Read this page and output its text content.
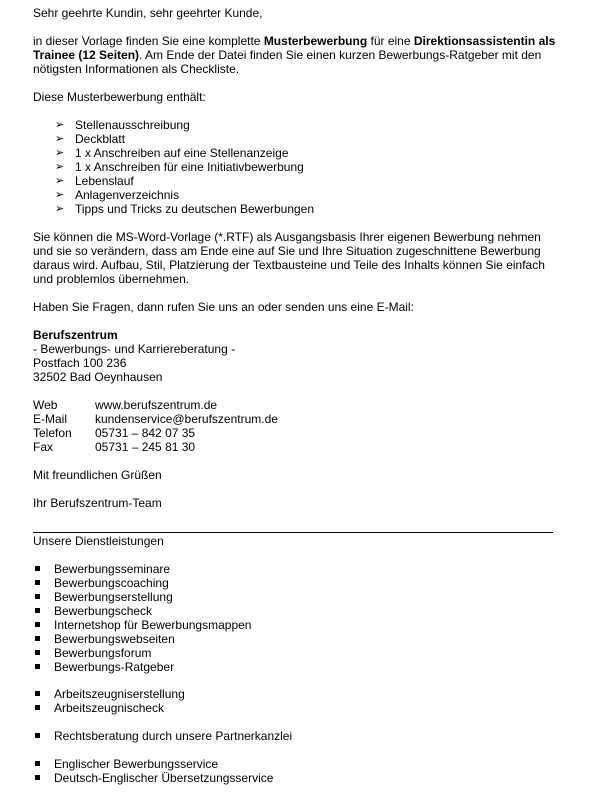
Sehr geehrte Kundin, sehr geehrter Kunde,

in dieser Vorlage finden Sie eine komplette Musterbewerbung für eine Direktionsassistentin als Trainee (12 Seiten). Am Ende der Datei finden Sie einen kurzen Bewerbungs-Ratgeber mit den nötigsten Informationen als Checkliste.

Diese Musterbewerbung enthält:

➢ Stellenausschreibung
➢ Deckblatt
➢ 1 x Anschreiben auf eine Stellenanzeige
➢ 1 x Anschreiben für eine Initiativbewerbung
➢ Lebenslauf
➢ Anlagenverzeichnis
➢ Tipps und Tricks zu deutschen Bewerbungen

Sie können die MS-Word-Vorlage (*.RTF) als Ausgangsbasis Ihrer eigenen Bewerbung nehmen und sie so verändern, dass am Ende eine auf Sie und Ihre Situation zugeschnittene Bewerbung daraus wird. Aufbau, Stil, Platzierung der Textbausteine und Teile des Inhalts können Sie einfach und problemlos übernehmen.

Haben Sie Fragen, dann rufen Sie uns an oder senden uns eine E-Mail:

Berufszentrum

- Bewerbungs- und Karriereberatung -

Postfach 100 236

32502 Bad Oeynhausen

Web	www.berufszentrum.de
E-Mail	kundenservice@berufszentrum.de
Telefon	05731 – 842 07 35
Fax	05731 – 245 81 30

Mit freundlichen Grüßen

Ihr Berufszentrum-Team

Unsere Dienstleistungen

Bewerbungsseminare
Bewerbungscoaching
Bewerbungserstellung
Bewerbungscheck
Internetshop für Bewerbungsmappen
Bewerbungswebseiten
Bewerbungsforum
Bewerbungs-Ratgeber
Arbeitszeugniserstellung
Arbeitszeugnischeck
Rechtsberatung durch unsere Partnerkanzlei
Englischer Bewerbungsservice
Deutsch-Englischer Übersetzungsservice
